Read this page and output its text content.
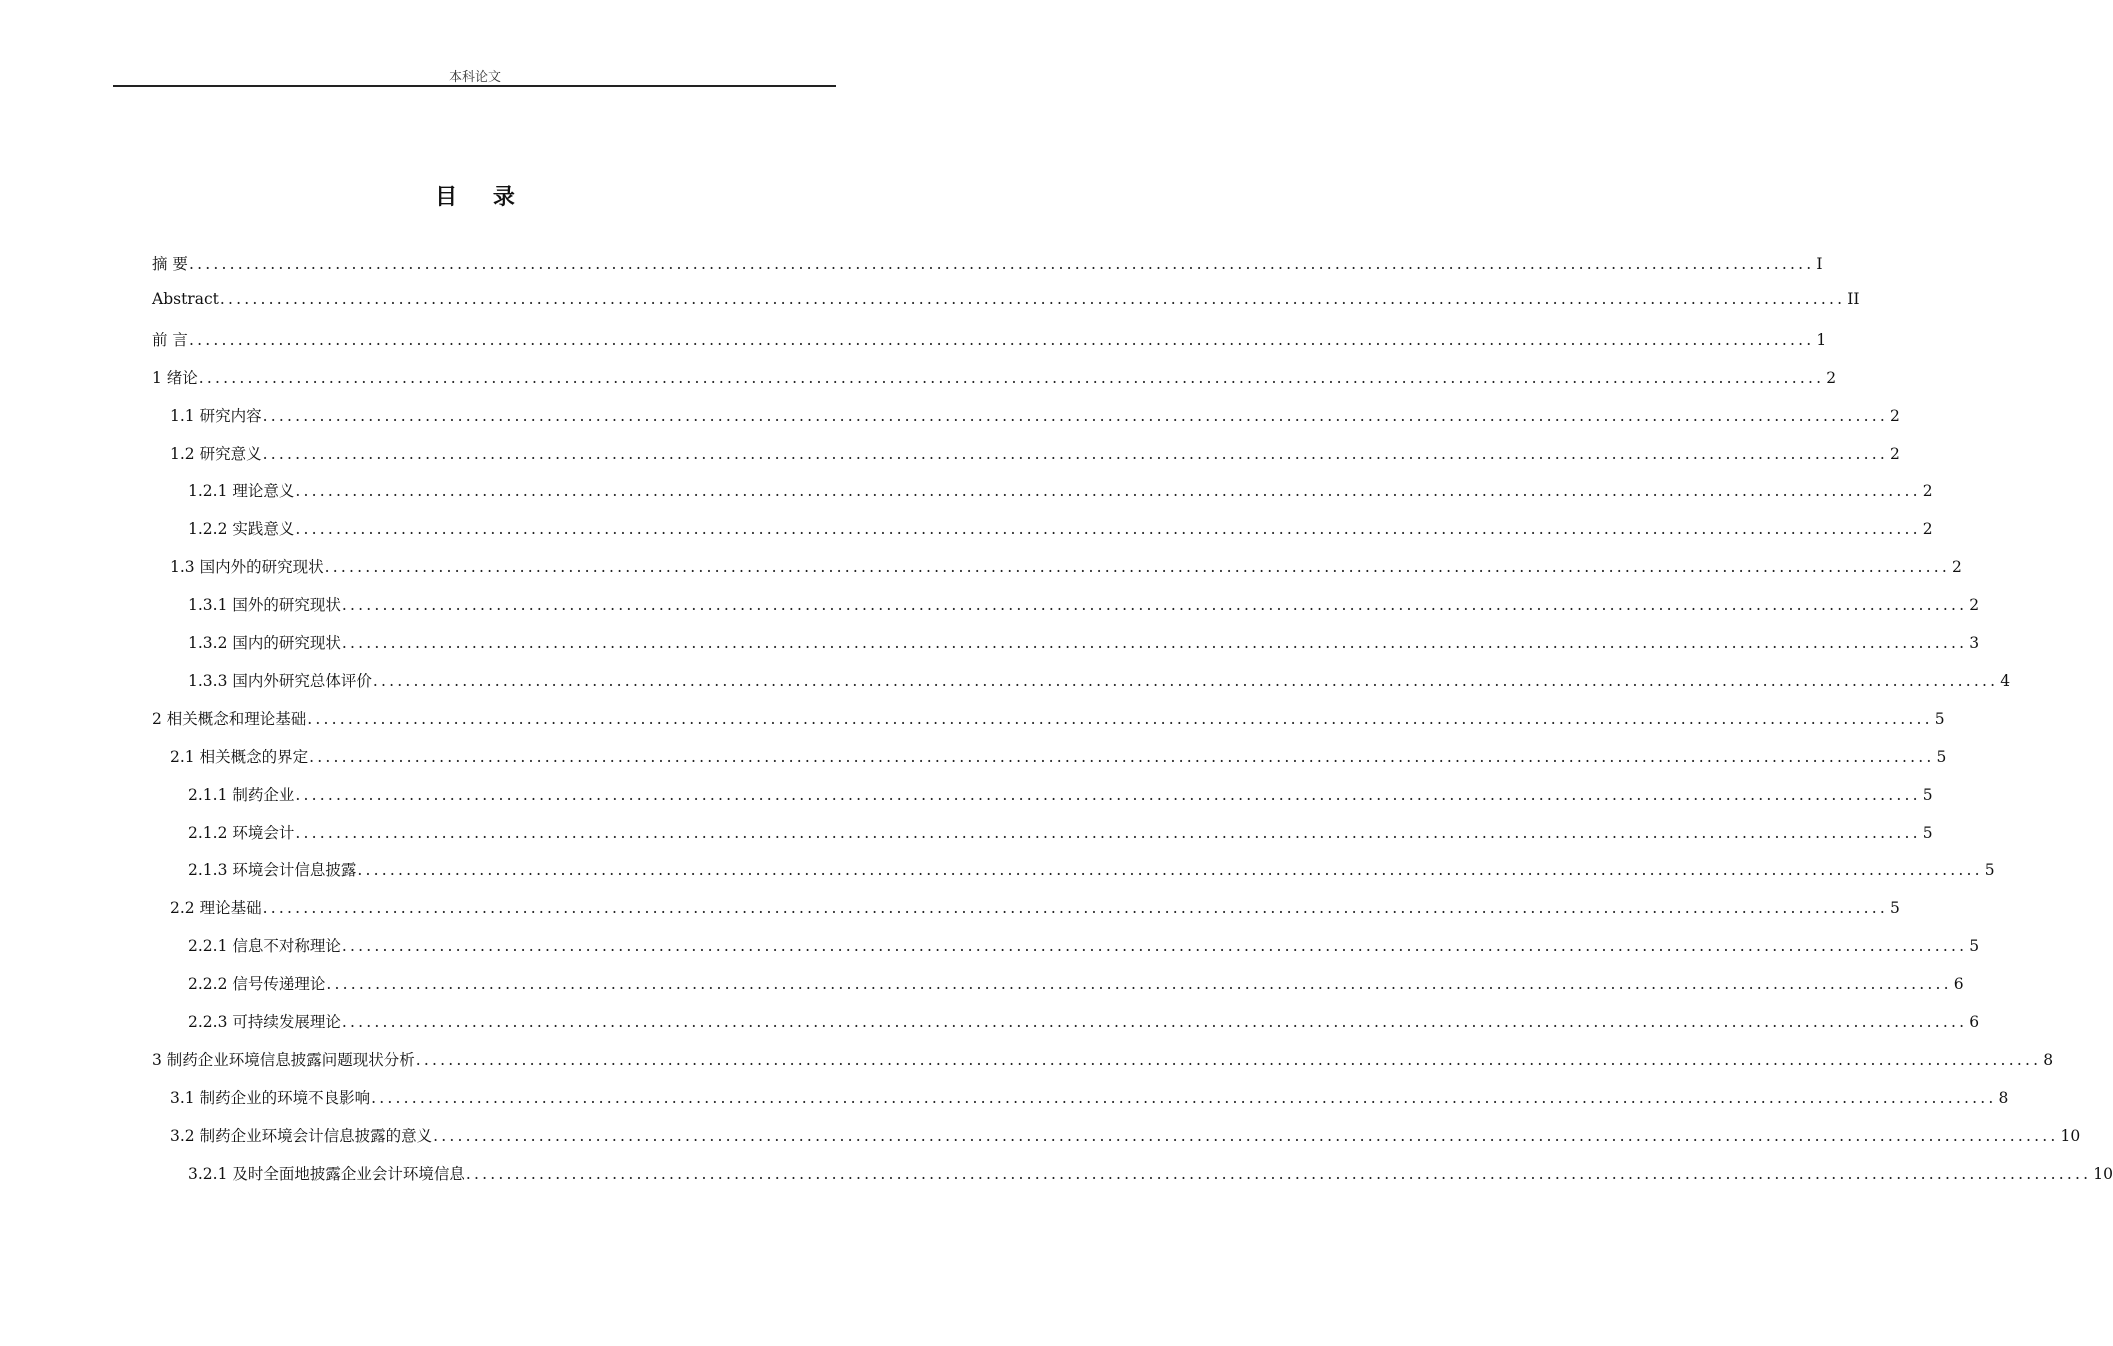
本科论文
目 录
摘 要 ........................................................................................................................................................................................................ I
Abstract ........................................................................................................................................................................................................ II
前 言 ........................................................................................................................................................................................................ 1
1 绪论 ........................................................................................................................................................................................................ 2
1.1 研究内容 ........................................................................................................................................................................................................ 2
1.2 研究意义 ........................................................................................................................................................................................................ 2
1.2.1 理论意义 ........................................................................................................................................................................................................ 2
1.2.2 实践意义 ........................................................................................................................................................................................................ 2
1.3 国内外的研究现状 ........................................................................................................................................................................................................ 2
1.3.1 国外的研究现状 ........................................................................................................................................................................................................ 2
1.3.2 国内的研究现状 ........................................................................................................................................................................................................ 3
1.3.3 国内外研究总体评价 ........................................................................................................................................................................................................ 4
2 相关概念和理论基础 ........................................................................................................................................................................................................ 5
2.1 相关概念的界定 ........................................................................................................................................................................................................ 5
2.1.1 制药企业 ........................................................................................................................................................................................................ 5
2.1.2 环境会计 ........................................................................................................................................................................................................ 5
2.1.3 环境会计信息披露 ........................................................................................................................................................................................................ 5
2.2 理论基础 ........................................................................................................................................................................................................ 5
2.2.1 信息不对称理论 ........................................................................................................................................................................................................ 5
2.2.2 信号传递理论 ........................................................................................................................................................................................................ 6
2.2.3 可持续发展理论 ........................................................................................................................................................................................................ 6
3 制药企业环境信息披露问题现状分析 ........................................................................................................................................................................................................ 8
3.1 制药企业的环境不良影响 ........................................................................................................................................................................................................ 8
3.2 制药企业环境会计信息披露的意义 ........................................................................................................................................................................................................ 10
3.2.1 及时全面地披露企业会计环境信息 ........................................................................................................................................................................................................ 10
